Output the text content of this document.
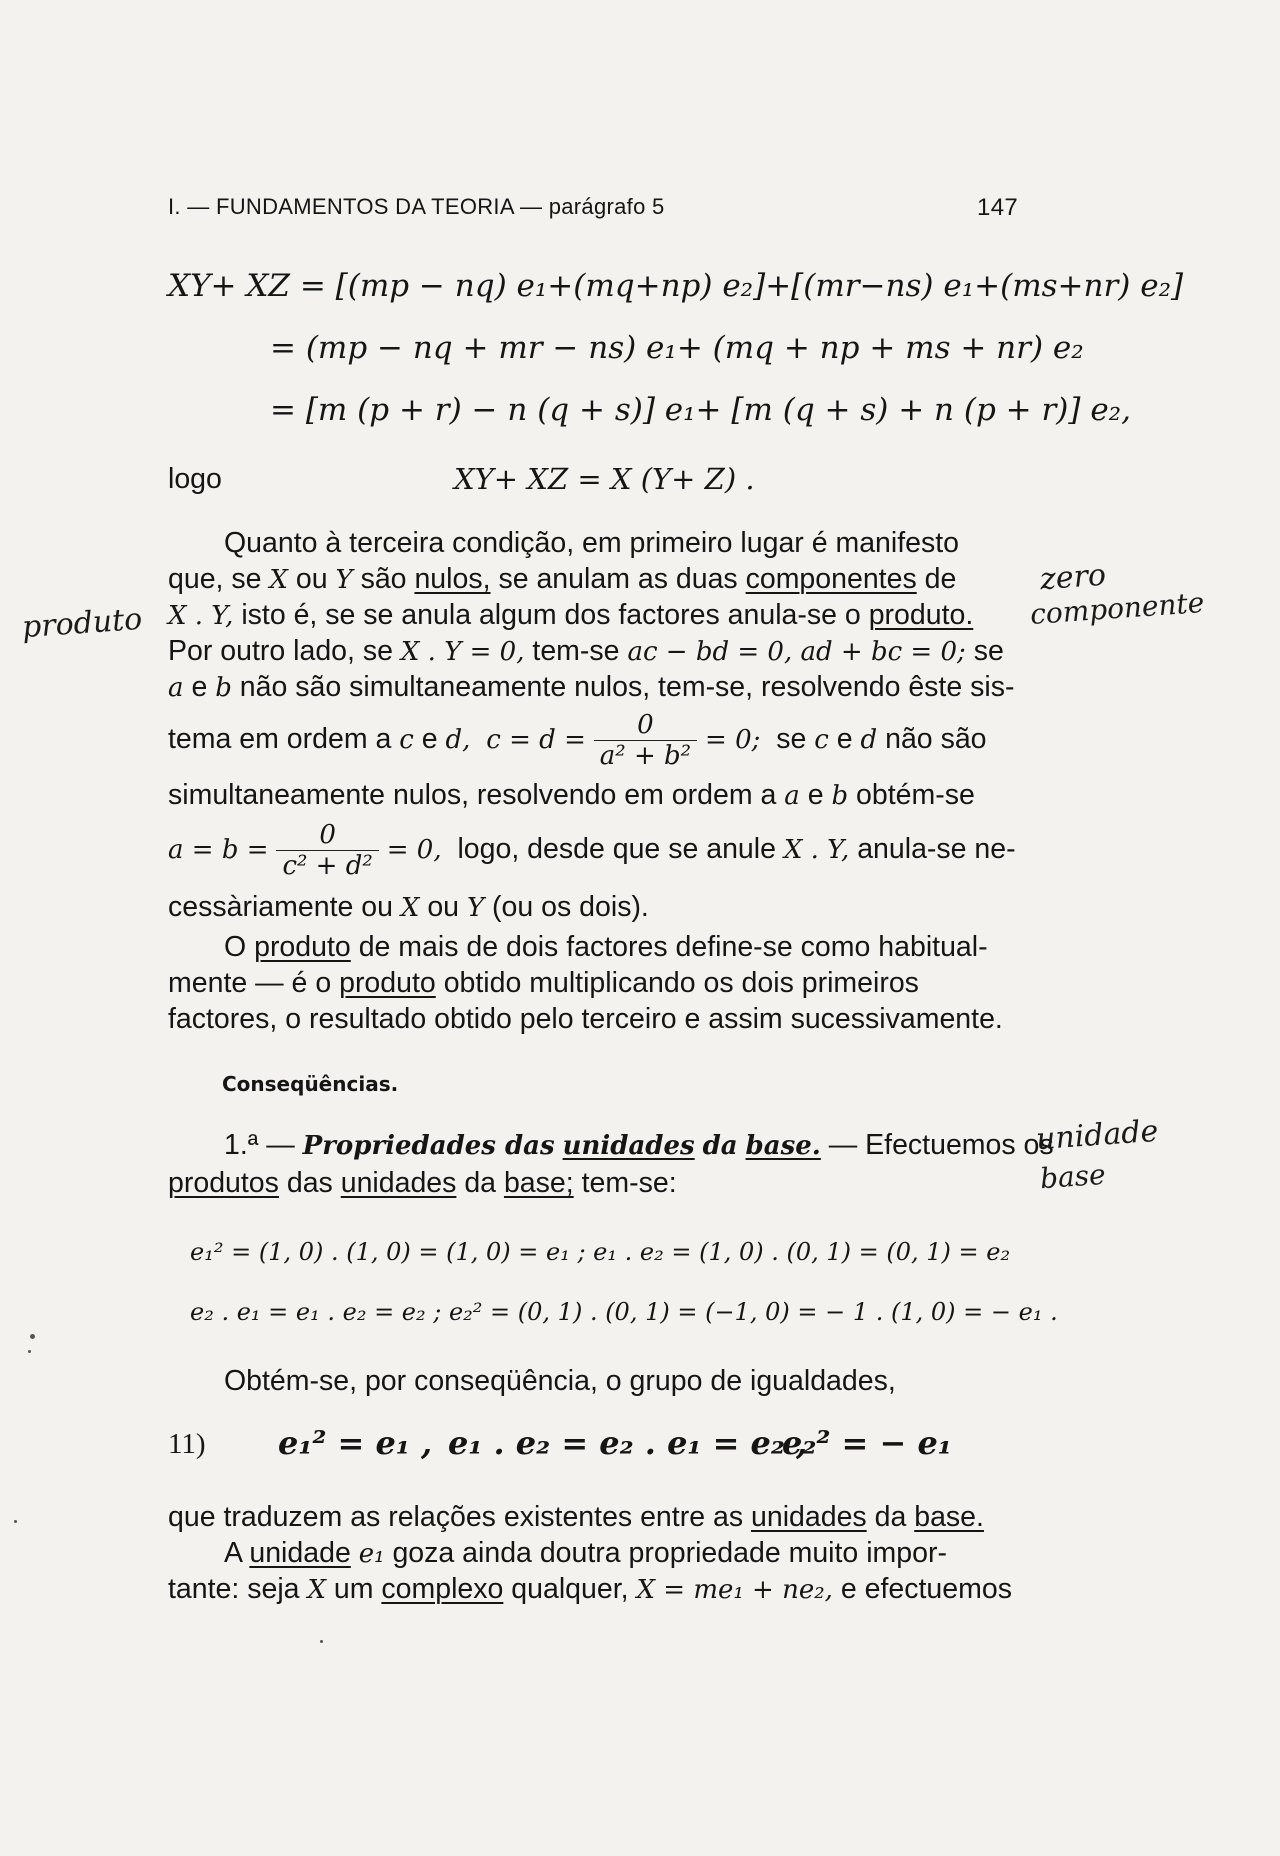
I. — FUNDAMENTOS DA TEORIA — parágrafo 5	147
XY+ XZ = [(mp − nq) e₁+(mq+np) e₂]+[(mr−ns) e₁+(ms+nr) e₂]
= (mp − nq + mr − ns) e₁+ (mq + np + ms + nr) e₂
= [m (p + r) − n (q + s)] e₁+ [m (q + s) + n (p + r)] e₂,
logo	XY+ XZ = X (Y+ Z) .
Quanto à terceira condição, em primeiro lugar é manifesto
que, se X ou Y são nulos, se anulam as duas componentes de
X . Y, isto é, se se anula algum dos factores anula-se o produto.
Por outro lado, se X . Y = 0, tem-se ac − bd = 0, ad + bc = 0; se
a e b não são simultaneamente nulos, tem-se, resolvendo êste sis-
tema em ordem a c e d, $c = d = \frac{0}{\text{a² + b²}} = 0$; se c e d não são
simultaneamente nulos, resolvendo em ordem a a e b obtém-se
$a = b = \frac{0}{\text{c² + d²}} = 0$, logo, desde que se anule X . Y, anula-se ne-
cessàriamente ou X ou Y (ou os dois).
O produto de mais de dois factores define-se como habitual-
mente — é o produto obtido multiplicando os dois primeiros
factores, o resultado obtido pelo terceiro e assim sucessivamente.
Conseqüências.
1.ª — Propriedades das unidades da base. — Efectuemos os
produtos das unidades da base; tem-se:
e₁² = (1, 0) . (1, 0) = (1, 0) = e₁ ; e₁ . e₂ = (1, 0) . (0, 1) = (0, 1) = e₂
e₂ . e₁ = e₁ . e₂ = e₂ ; e₂² = (0, 1) . (0, 1) = (−1, 0) = − 1 . (1, 0) = − e₁ .
Obtém-se, por conseqüência, o grupo de igualdades,
11) e₁² = e₁ , e₁ . e₂ = e₂ . e₁ = e₂ ,
e₂² = − e₁
que traduzem as relações existentes entre as unidades da base.
A unidade e₁ goza ainda doutra propriedade muito impor-
tante: seja X um complexo qualquer, X = me₁ + ne₂, e efectuemos
produto
zero
componente
unidade
base
